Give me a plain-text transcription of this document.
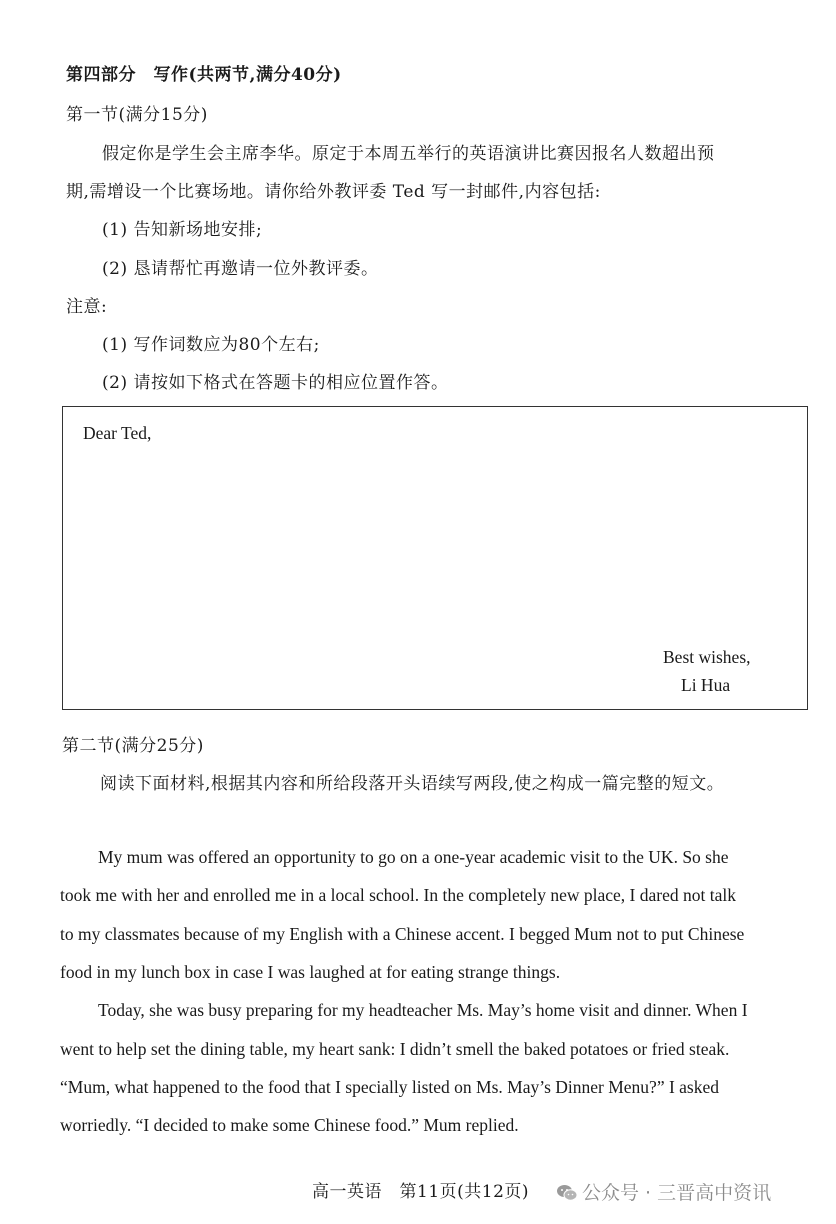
第四部分　写作(共两节,满分40分)
第一节(满分15分)
假定你是学生会主席李华。原定于本周五举行的英语演讲比赛因报名人数超出预
期,需增设一个比赛场地。请你给外教评委 Ted 写一封邮件,内容包括:
(1) 告知新场地安排;
(2) 恳请帮忙再邀请一位外教评委。
注意:
(1) 写作词数应为80个左右;
(2) 请按如下格式在答题卡的相应位置作答。
Dear Ted,
Best wishes,
Li Hua
第二节(满分25分)
阅读下面材料,根据其内容和所给段落开头语续写两段,使之构成一篇完整的短文。
My mum was offered an opportunity to go on a one-year academic visit to the UK. So she
took me with her and enrolled me in a local school. In the completely new place, I dared not talk
to my classmates because of my English with a Chinese accent. I begged Mum not to put Chinese
food in my lunch box in case I was laughed at for eating strange things.
Today, she was busy preparing for my headteacher Ms. May’s home visit and dinner. When I
went to help set the dining table, my heart sank: I didn’t smell the baked potatoes or fried steak.
“Mum, what happened to the food that I specially listed on Ms. May’s Dinner Menu?” I asked
worriedly. “I decided to make some Chinese food.” Mum replied.
高一英语　第11页(共12页)	公众号 · 三晋高中资讯
